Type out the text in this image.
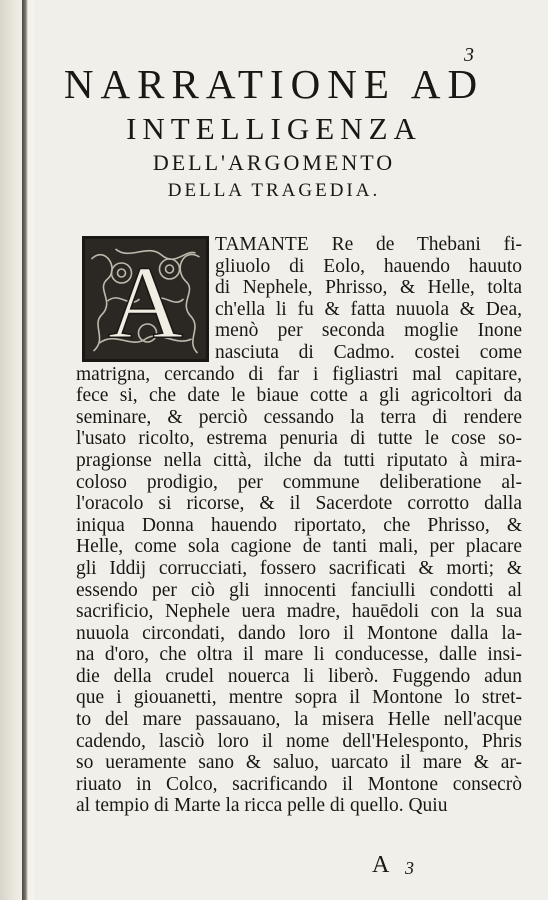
3
NARRATIONE AD
INTELLIGENZA
DELL'ARGOMENTO
DELLA TRAGEDIA.
A
TAMANTE Re de Thebani fi-
gliuolo di Eolo, hauendo hauuto
di Nephele, Phrisso, & Helle, tolta
ch'ella li fu & fatta nuuola & Dea,
menò per seconda moglie Inone
nasciuta di Cadmo. costei come
matrigna, cercando di far i figliastri mal capitare,
fece si, che date le biaue cotte a gli agricoltori da
seminare, & perciò cessando la terra di rendere
l'usato ricolto, estrema penuria di tutte le cose so-
pragionse nella città, ilche da tutti riputato à mira-
coloso prodigio, per commune deliberatione al-
l'oracolo si ricorse, & il Sacerdote corrotto dalla
iniqua Donna hauendo riportato, che Phrisso, &
Helle, come sola cagione de tanti mali, per placare
gli Iddij corrucciati, fossero sacrificati & morti; &
essendo per ciò gli innocenti fanciulli condotti al
sacrificio, Nephele uera madre, hauēdoli con la sua
nuuola circondati, dando loro il Montone dalla la-
na d'oro, che oltra il mare li conducesse, dalle insi-
die della crudel nouerca li liberò. Fuggendo adun
que i giouanetti, mentre sopra il Montone lo stret-
to del mare passauano, la misera Helle nell'acque
cadendo, lasciò loro il nome dell'Helesponto, Phris
so ueramente sano & saluo, uarcato il mare & ar-
riuato in Colco, sacrificando il Montone consecrò
al tempio di Marte la ricca pelle di quello. Quiu
A 3
